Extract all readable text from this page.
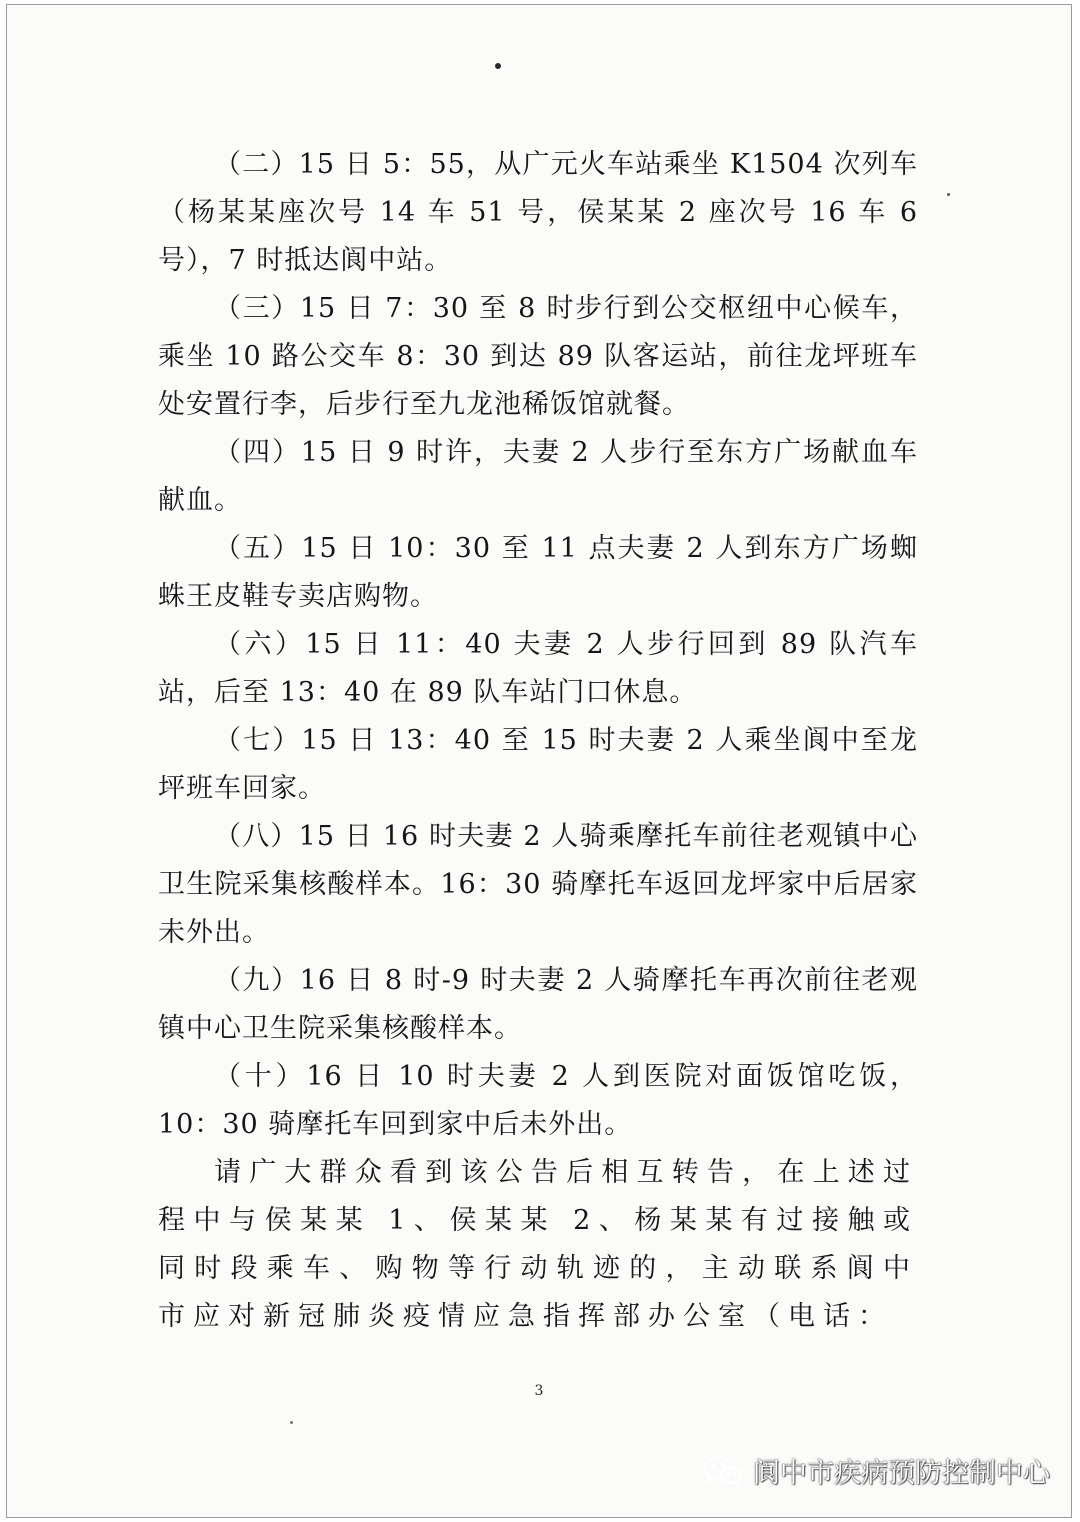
（二）15 日 5：55，从广元火车站乘坐 K1504 次列车（杨某某座次号 14 车 51 号，侯某某 2 座次号 16 车 6 号），7 时抵达阆中站。

（三）15 日 7：30 至 8 时步行到公交枢纽中心候车，乘坐 10 路公交车 8：30 到达 89 队客运站，前往龙坪班车处安置行李，后步行至九龙池稀饭馆就餐。

（四）15 日 9 时许，夫妻 2 人步行至东方广场献血车献血。

（五）15 日 10：30 至 11 点夫妻 2 人到东方广场蜘蛛王皮鞋专卖店购物。

（六）15 日 11：40 夫妻 2 人步行回到 89 队汽车站，后至 13：40 在 89 队车站门口休息。

（七）15 日 13：40 至 15 时夫妻 2 人乘坐阆中至龙坪班车回家。

（八）15 日 16 时夫妻 2 人骑乘摩托车前往老观镇中心卫生院采集核酸样本。16：30 骑摩托车返回龙坪家中后居家未外出。

（九）16 日 8 时-9 时夫妻 2 人骑摩托车再次前往老观镇中心卫生院采集核酸样本。

（十）16 日 10 时夫妻 2 人到医院对面饭馆吃饭，10：30 骑摩托车回到家中后未外出。

请广大群众看到该公告后相互转告，在上述过程中与侯某某 1、侯某某 2、杨某某有过接触或同时段乘车、购物等行动轨迹的，主动联系阆中市应对新冠肺炎疫情应急指挥部办公室（电话：

3
阆中市疾病预防控制中心
